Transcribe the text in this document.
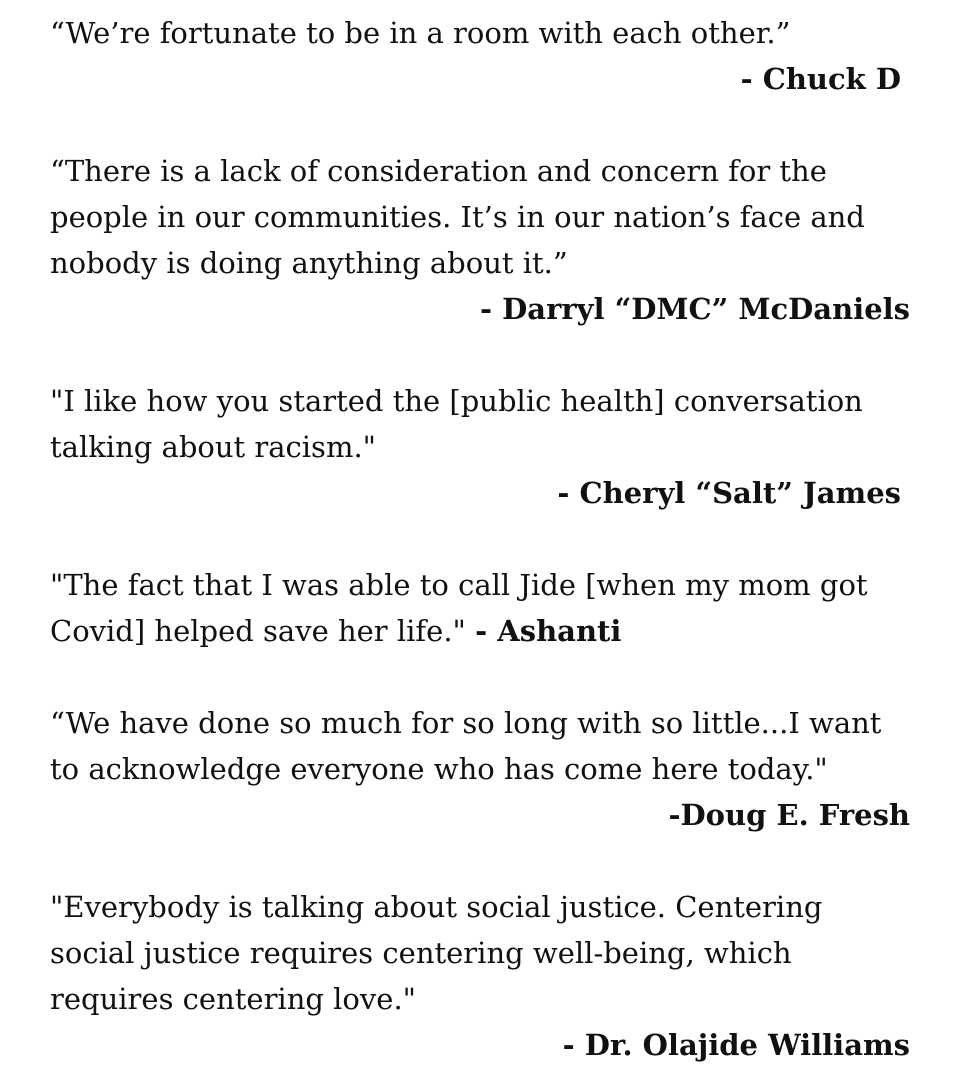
“We’re fortunate to be in a room with each other.”

- Chuck D

“There is a lack of consideration and concern for the people in our communities. It’s in our nation’s face and nobody is doing anything about it.”

- Darryl “DMC” McDaniels

"I like how you started the [public health] conversation talking about racism."

- Cheryl “Salt” James

"The fact that I was able to call Jide [when my mom got Covid] helped save her life." - Ashanti

“We have done so much for so long with so little...I want to acknowledge everyone who has come here today."

-Doug E. Fresh

"Everybody is talking about social justice. Centering social justice requires centering well-being, which requires centering love."

- Dr. Olajide Williams
